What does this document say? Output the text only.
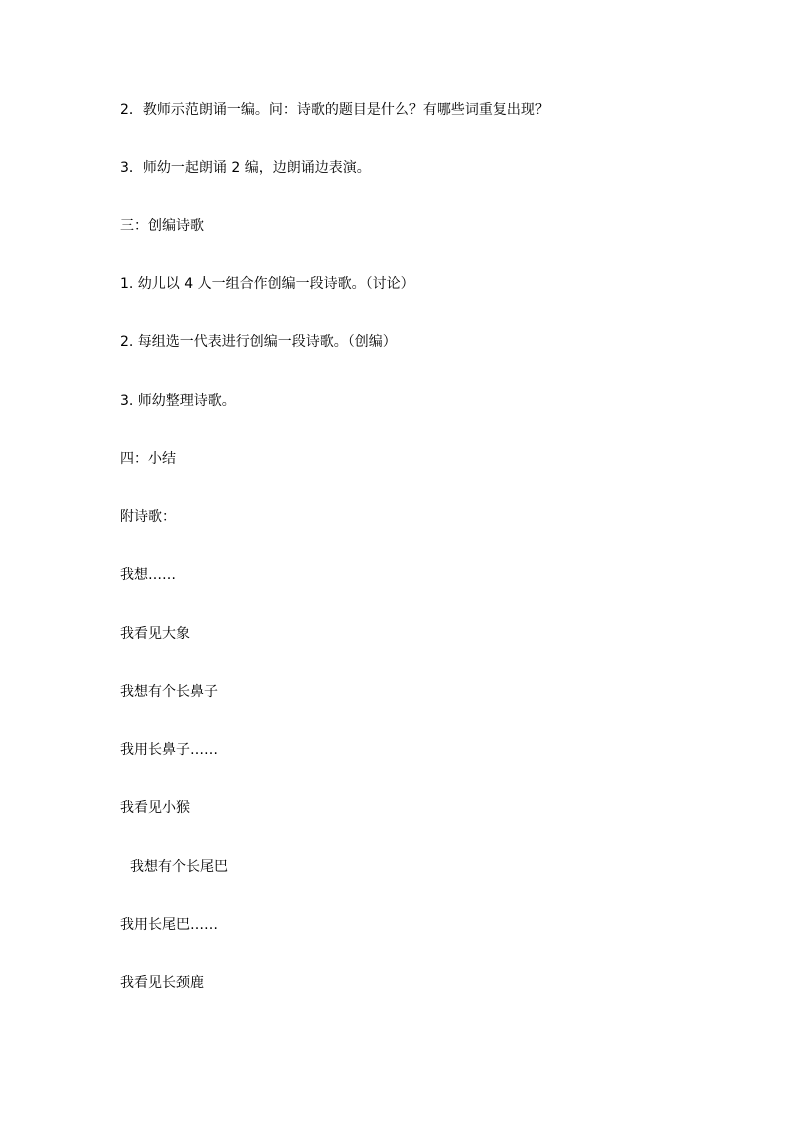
2．教师示范朗诵一编。问：诗歌的题目是什么？有哪些词重复出现？
3．师幼一起朗诵 2 编，边朗诵边表演。
三：创编诗歌
1. 幼儿以 4 人一组合作创编一段诗歌。（讨论）
2. 每组选一代表进行创编一段诗歌。（创编）
3. 师幼整理诗歌。
四：小结
附诗歌：
我想……
我看见大象
我想有个长鼻子
我用长鼻子……
我看见小猴
我想有个长尾巴
我用长尾巴……
我看见长颈鹿
